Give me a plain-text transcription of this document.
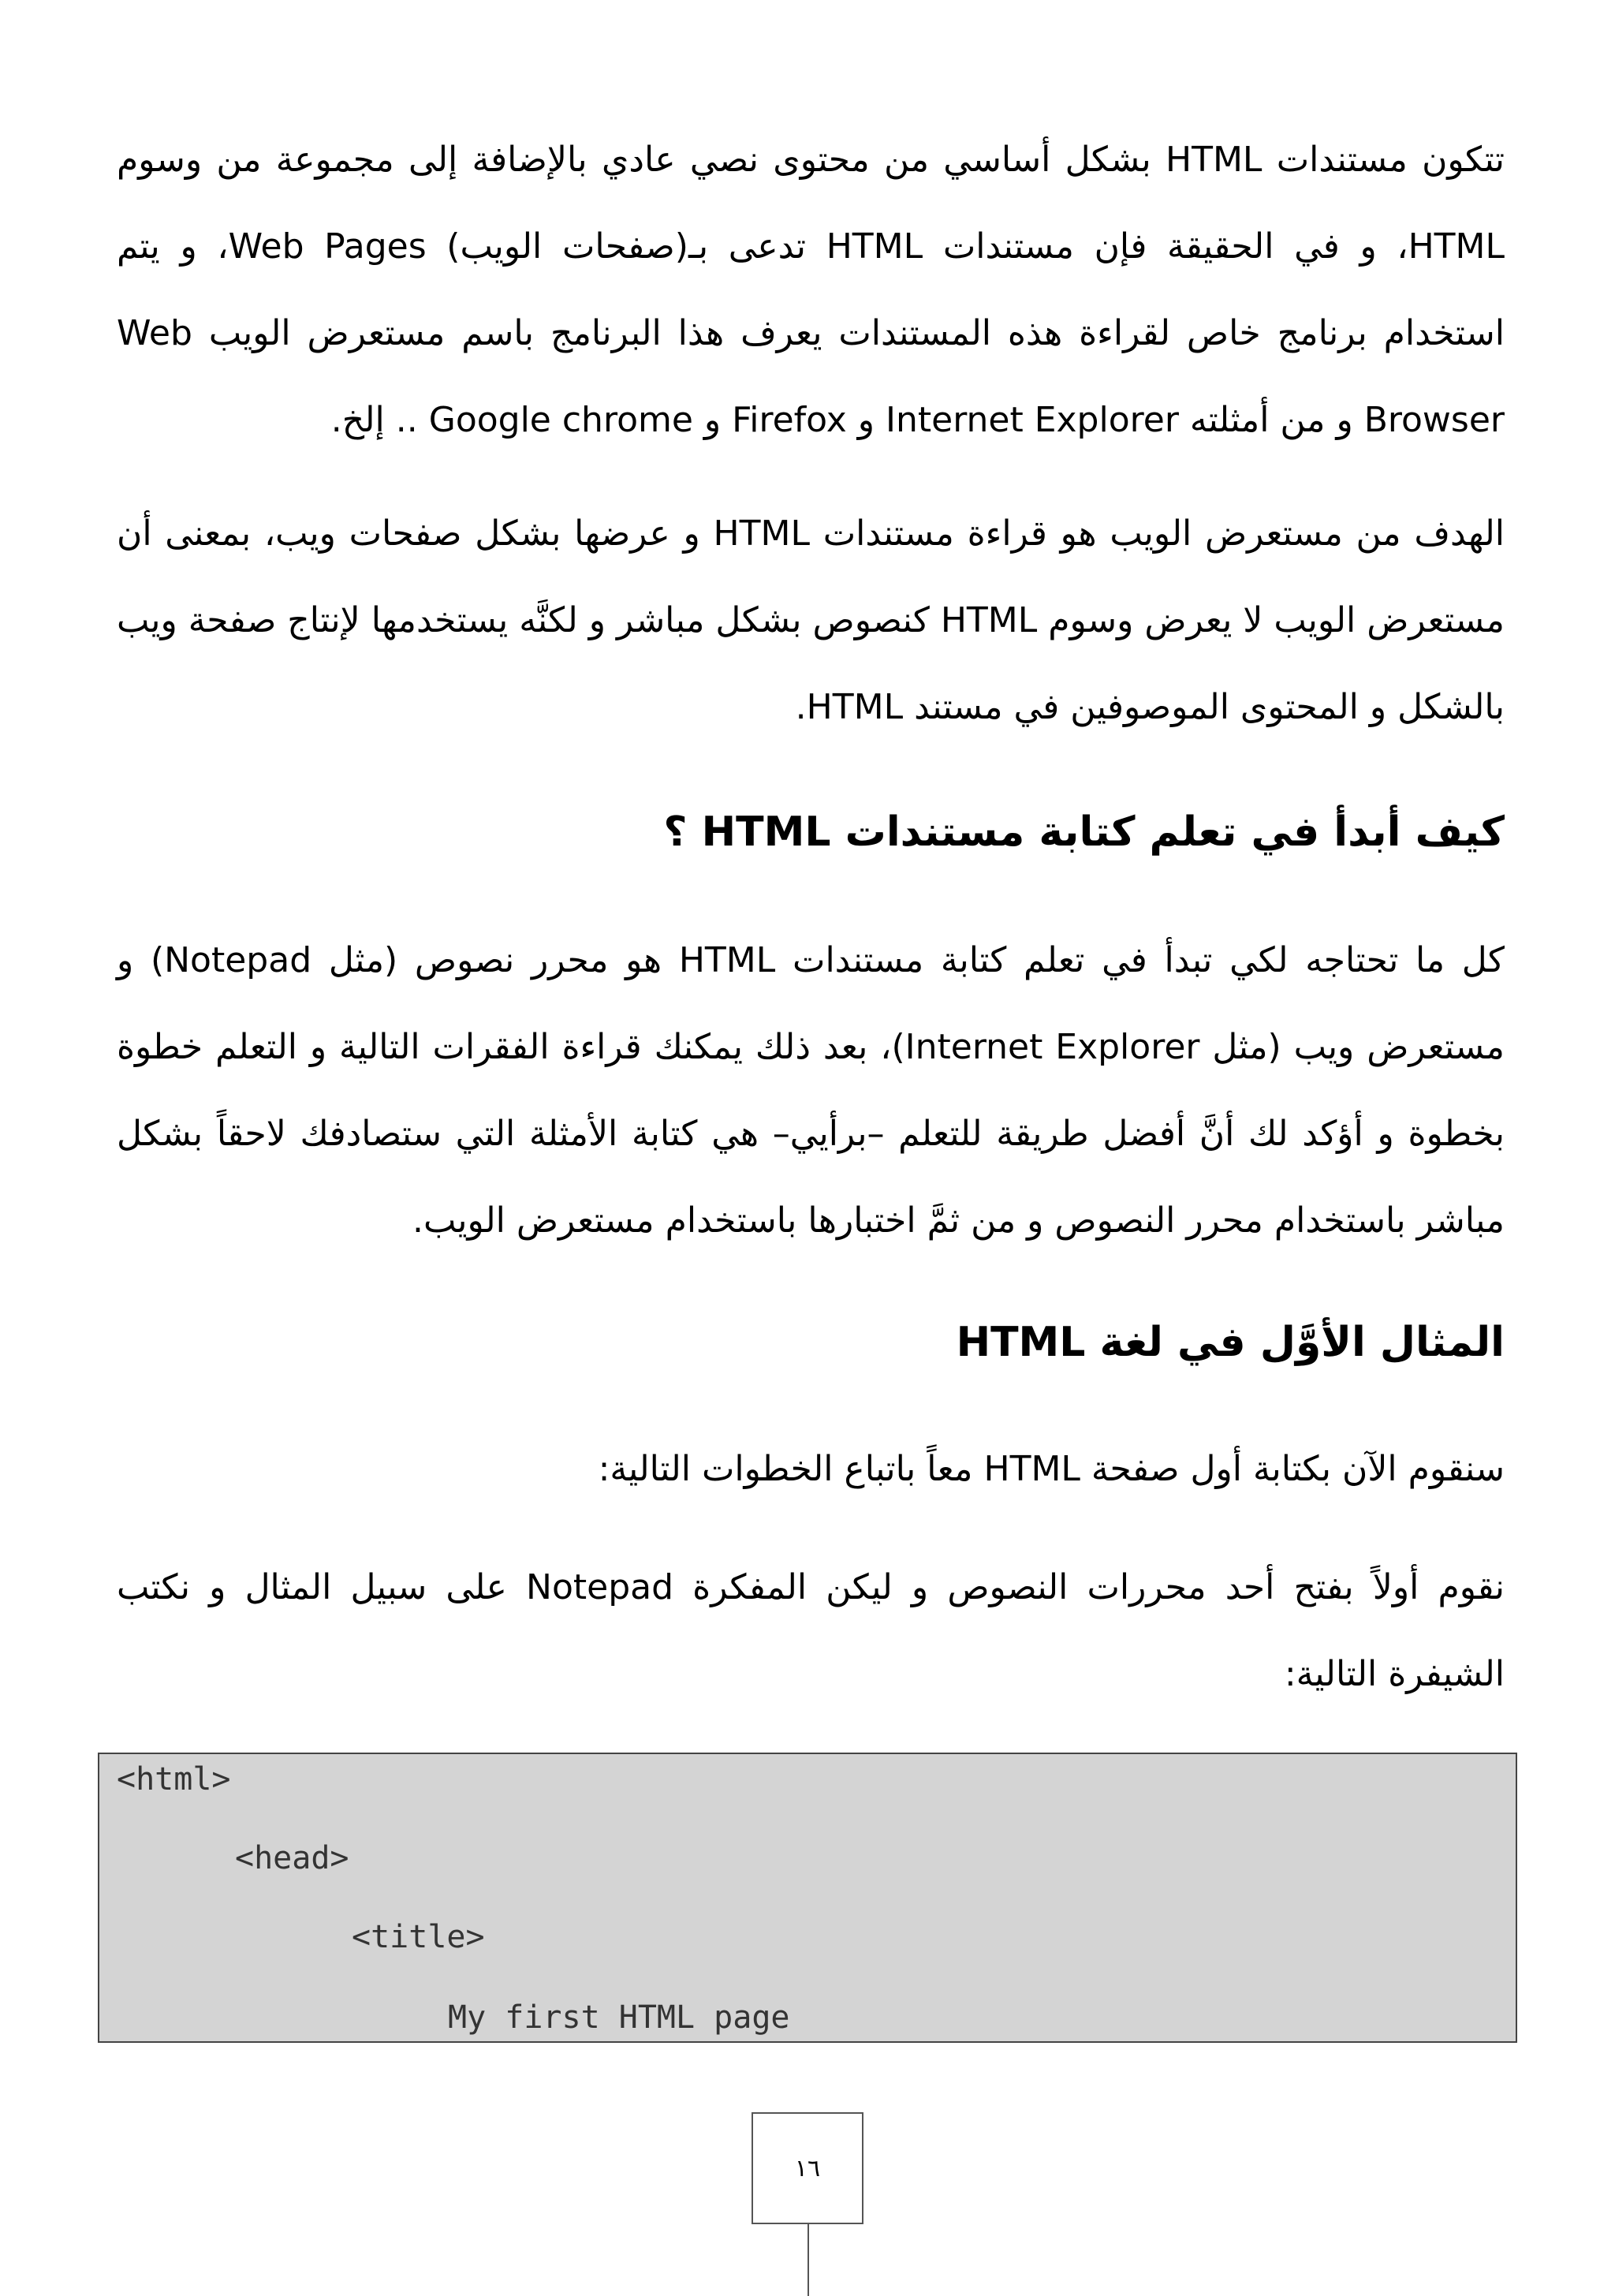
تتكون مستندات HTML بشكل أساسي من محتوى نصي عادي بالإضافة إلى مجموعة من وسوم HTML، و في الحقيقة فإن مستندات HTML تدعى بـ(صفحات الويب) Web Pages، و يتم استخدام برنامج خاص لقراءة هذه المستندات يعرف هذا البرنامج باسم مستعرض الويب Web Browser و من أمثلته Internet Explorer و Firefox و Google chrome .. إلخ.

الهدف من مستعرض الويب هو قراءة مستندات HTML و عرضها بشكل صفحات ويب، بمعنى أن مستعرض الويب لا يعرض وسوم HTML كنصوص بشكل مباشر و لكنَّه يستخدمها لإنتاج صفحة ويب بالشكل و المحتوى الموصوفين في مستند HTML.

كيف أبدأ في تعلم كتابة مستندات HTML ؟

كل ما تحتاجه لكي تبدأ في تعلم كتابة مستندات HTML هو محرر نصوص (مثل Notepad) و مستعرض ويب (مثل Internet Explorer)، بعد ذلك يمكنك قراءة الفقرات التالية و التعلم خطوة بخطوة و أؤكد لك أنَّ أفضل طريقة للتعلم –برأيي– هي كتابة الأمثلة التي ستصادفك لاحقاً بشكل مباشر باستخدام محرر النصوص و من ثمَّ اختبارها باستخدام مستعرض الويب.

المثال الأوَّل في لغة HTML

سنقوم الآن بكتابة أول صفحة HTML معاً باتباع الخطوات التالية:

نقوم أولاً بفتح أحد محررات النصوص و ليكن المفكرة Notepad على سبيل المثال و نكتب الشيفرة التالية:

<html>
<head>
<title>
My first HTML page
١٦
